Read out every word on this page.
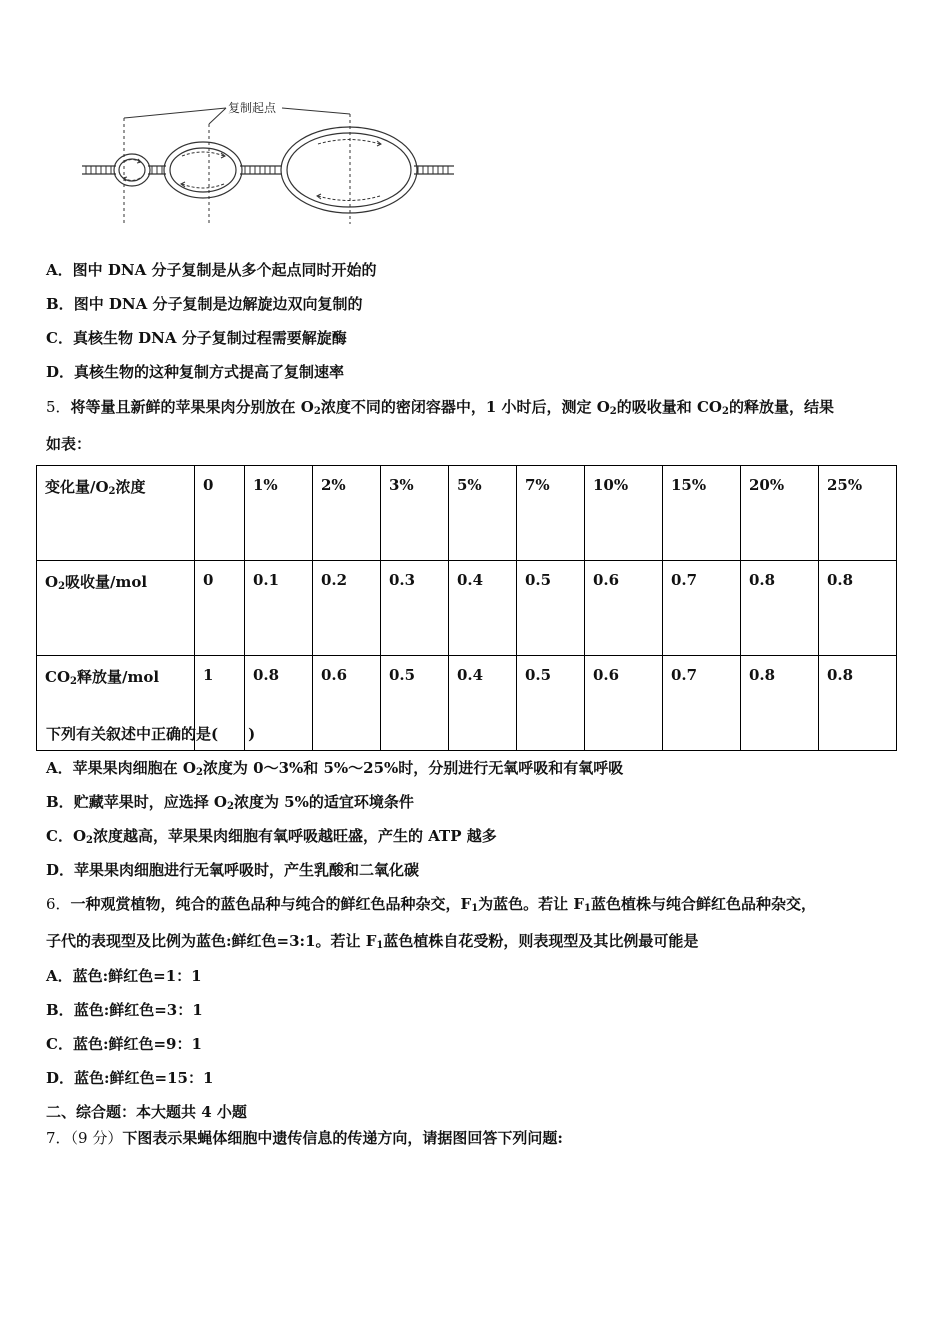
复制起点
A．图中 DNA 分子复制是从多个起点同时开始的
B．图中 DNA 分子复制是边解旋边双向复制的
C．真核生物 DNA 分子复制过程需要解旋酶
D．真核生物的这种复制方式提高了复制速率
5．将等量且新鲜的苹果果肉分别放在 $O_2$浓度不同的密闭容器中，1 小时后，测定 $O_2$的吸收量和 $CO_2$的释放量，结果
如表：
变化量$/O_2$浓度	0	1%	2%	3%	5%	7%	10%	15%	20%	25%
$O_2$吸收量/mol	0	0.1	0.2	0.3	0.4	0.5	0.6	0.7	0.8	0.8
$CO_2$释放量/mol	1	0.8	0.6	0.5	0.4	0.5	0.6	0.7	0.8	0.8
下列有关叙述中正确的是(　　)
A．苹果果肉细胞在 $O_2$浓度为 0～3%和 5%～25%时，分别进行无氧呼吸和有氧呼吸
B．贮藏苹果时，应选择 $O_2$浓度为 5%的适宜环境条件
C．$O_2$浓度越高，苹果果肉细胞有氧呼吸越旺盛，产生的 ATP 越多
D．苹果果肉细胞进行无氧呼吸时，产生乳酸和二氧化碳
6．一种观赏植物，纯合的蓝色品种与纯合的鲜红色品种杂交，$F_1$为蓝色。若让 $F_1$蓝色植株与纯合鲜红色品种杂交，
子代的表现型及比例为蓝色:鲜红色=3:1。若让 $F_1$蓝色植株自花受粉，则表现型及其比例最可能是
A．蓝色:鲜红色=1：1
B．蓝色:鲜红色=3：1
C．蓝色:鲜红色=9：1
D．蓝色:鲜红色=15：1
二、综合题：本大题共 4 小题
7．（9 分）下图表示果蝇体细胞中遗传信息的传递方向，请据图回答下列问题:
